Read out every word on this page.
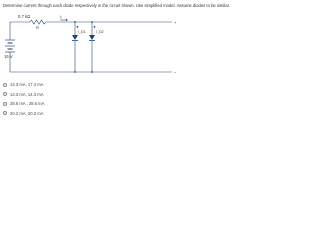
Determine current through each diode respectively in the circuit shown. Use simplified model. Assume diodes to be similar.
0.7 kΩ
R
I₁
I_D1	I_D2
15 V
+
−
14.3 mA, 17.4 mA
14.3 mA, 14.3 mA
28.6 mA , 28.6 mA
20.2 mA, 20.2 mA
